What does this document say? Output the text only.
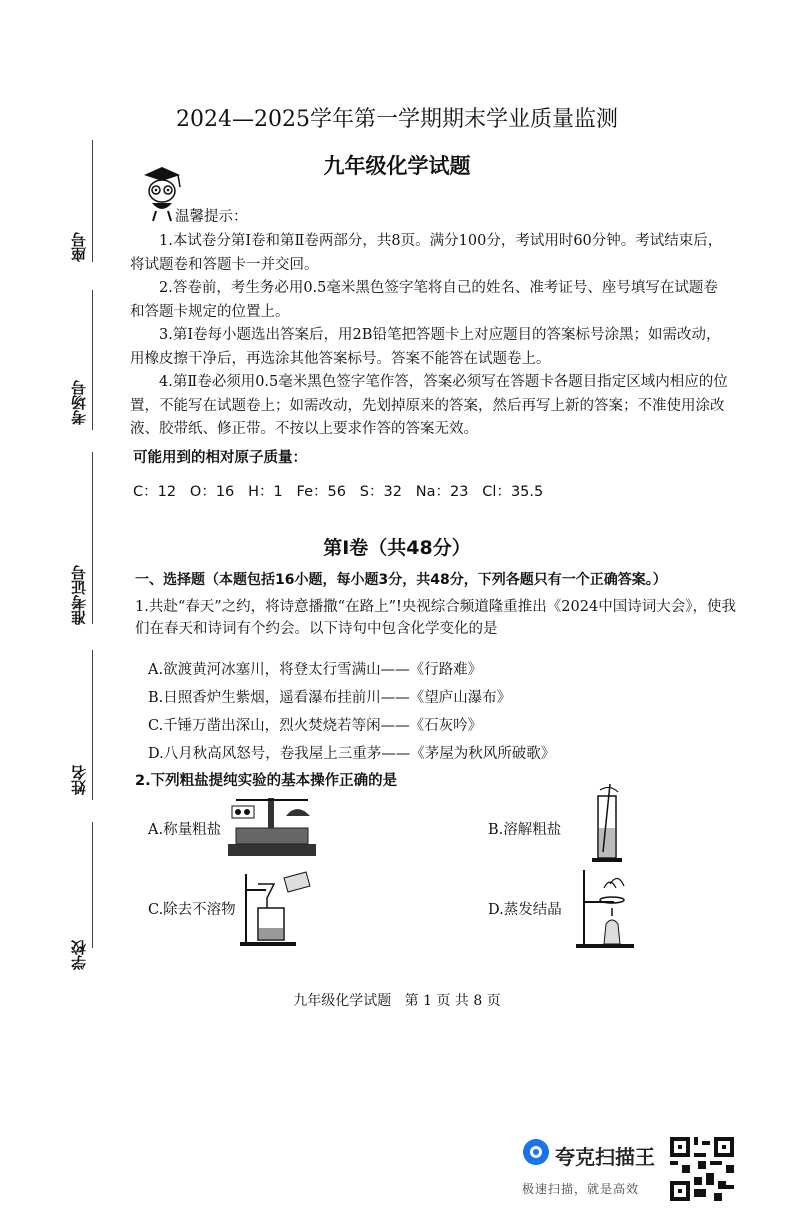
座号
考场号
准考证号
姓名
学校
2024—2025学年第一学期期末学业质量监测
九年级化学试题
温馨提示：

1.本试卷分第Ⅰ卷和第Ⅱ卷两部分，共8页。满分100分，考试用时60分钟。考试结束后，将试题卷和答题卡一并交回。

2.答卷前，考生务必用0.5毫米黑色签字笔将自己的姓名、准考证号、座号填写在试题卷和答题卡规定的位置上。

3.第Ⅰ卷每小题选出答案后，用2B铅笔把答题卡上对应题目的答案标号涂黑；如需改动，用橡皮擦干净后，再选涂其他答案标号。答案不能答在试题卷上。

4.第Ⅱ卷必须用0.5毫米黑色签字笔作答，答案必须写在答题卡各题目指定区域内相应的位置，不能写在试题卷上；如需改动，先划掉原来的答案，然后再写上新的答案；不准使用涂改液、胶带纸、修正带。不按以上要求作答的答案无效。

可能用到的相对原子质量：
C：12   O：16   H：1   Fe：56   S：32   Na：23   Cl：35.5
第Ⅰ卷（共48分）
一、选择题（本题包括16小题，每小题3分，共48分，下列各题只有一个正确答案。）
1.共赴“春天”之约，将诗意播撒“在路上”!央视综合频道隆重推出《2024中国诗词大会》，使我们在春天和诗词有个约会。以下诗句中包含化学变化的是
A.欲渡黄河冰塞川，将登太行雪满山——《行路难》
B.日照香炉生紫烟，遥看瀑布挂前川——《望庐山瀑布》
C.千锤万凿出深山，烈火焚烧若等闲——《石灰吟》
D.八月秋高风怒号，卷我屋上三重茅——《茅屋为秋风所破歌》
2.下列粗盐提纯实验的基本操作正确的是
A.称量粗盐	B.溶解粗盐
C.除去不溶物	D.蒸发结晶
九年级化学试题   第 1 页 共 8 页
夸克扫描王
极速扫描，就是高效
